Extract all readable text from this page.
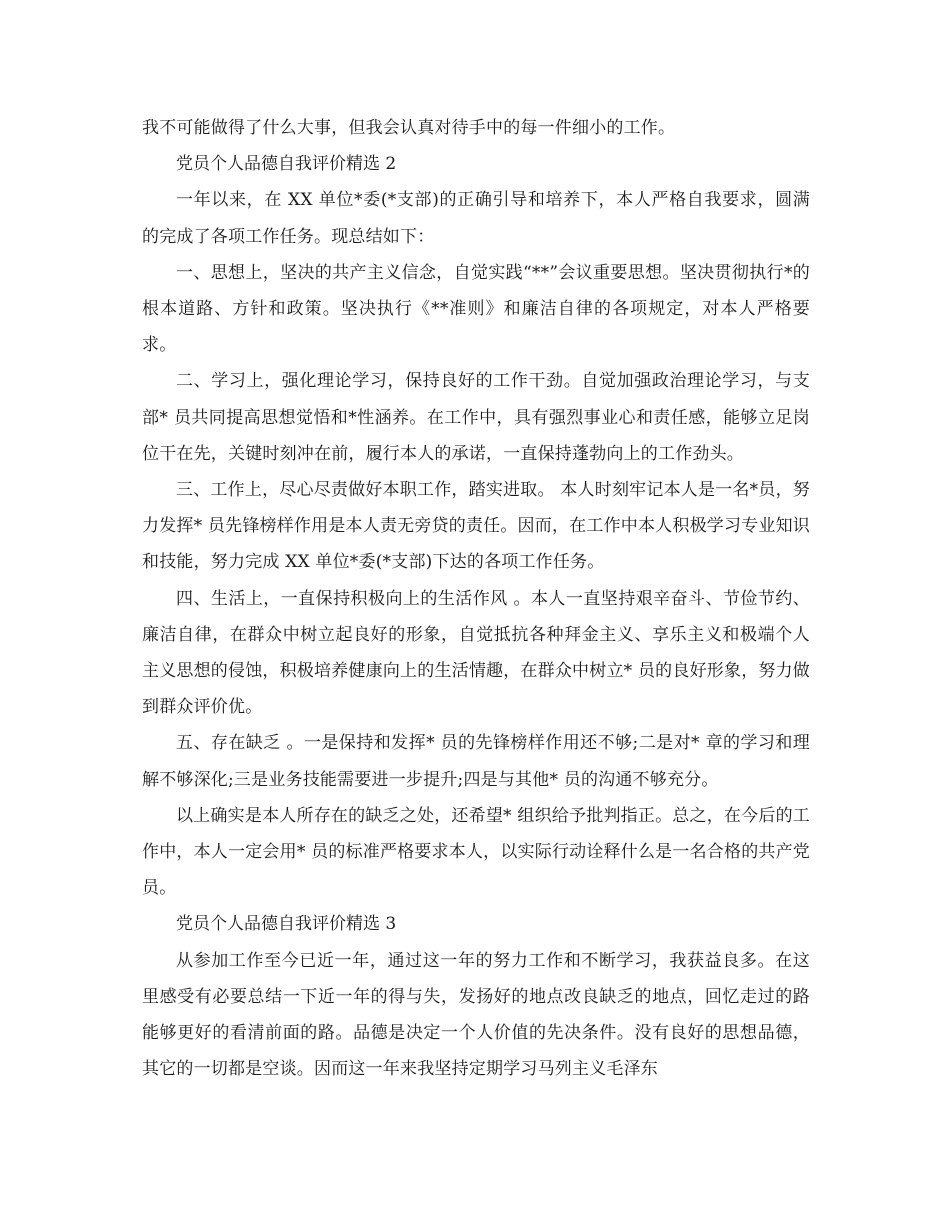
我不可能做得了什么大事，但我会认真对待手中的每一件细小的工作。

党员个人品德自我评价精选 2

一年以来，在 XX 单位*委(*支部)的正确引导和培养下，本人严格自我要求，圆满的完成了各项工作任务。现总结如下：

一、思想上，坚决的共产主义信念，自觉实践“**”会议重要思想。坚决贯彻执行*的根本道路、方针和政策。坚决执行《**准则》和廉洁自律的各项规定，对本人严格要求。

二、学习上，强化理论学习，保持良好的工作干劲。自觉加强政治理论学习，与支部* 员共同提高思想觉悟和*性涵养。在工作中，具有强烈事业心和责任感，能够立足岗位干在先，关键时刻冲在前，履行本人的承诺，一直保持蓬勃向上的工作劲头。

三、工作上，尽心尽责做好本职工作，踏实进取。 本人时刻牢记本人是一名*员，努力发挥* 员先锋榜样作用是本人责无旁贷的责任。因而，在工作中本人积极学习专业知识和技能，努力完成 XX 单位*委(*支部)下达的各项工作任务。

四、生活上，一直保持积极向上的生活作风 。本人一直坚持艰辛奋斗、节俭节约、廉洁自律，在群众中树立起良好的形象，自觉抵抗各种拜金主义、享乐主义和极端个人主义思想的侵蚀，积极培养健康向上的生活情趣，在群众中树立* 员的良好形象，努力做到群众评价优。

五、存在缺乏 。一是保持和发挥* 员的先锋榜样作用还不够;二是对* 章的学习和理解不够深化;三是业务技能需要进一步提升;四是与其他* 员的沟通不够充分。

以上确实是本人所存在的缺乏之处，还希望* 组织给予批判指正。总之，在今后的工作中，本人一定会用* 员的标准严格要求本人，以实际行动诠释什么是一名合格的共产党员。

党员个人品德自我评价精选 3

从参加工作至今已近一年，通过这一年的努力工作和不断学习，我获益良多。在这里感受有必要总结一下近一年的得与失，发扬好的地点改良缺乏的地点，回忆走过的路能够更好的看清前面的路。品德是决定一个人价值的先决条件。没有良好的思想品德，其它的一切都是空谈。因而这一年来我坚持定期学习马列主义毛泽东
